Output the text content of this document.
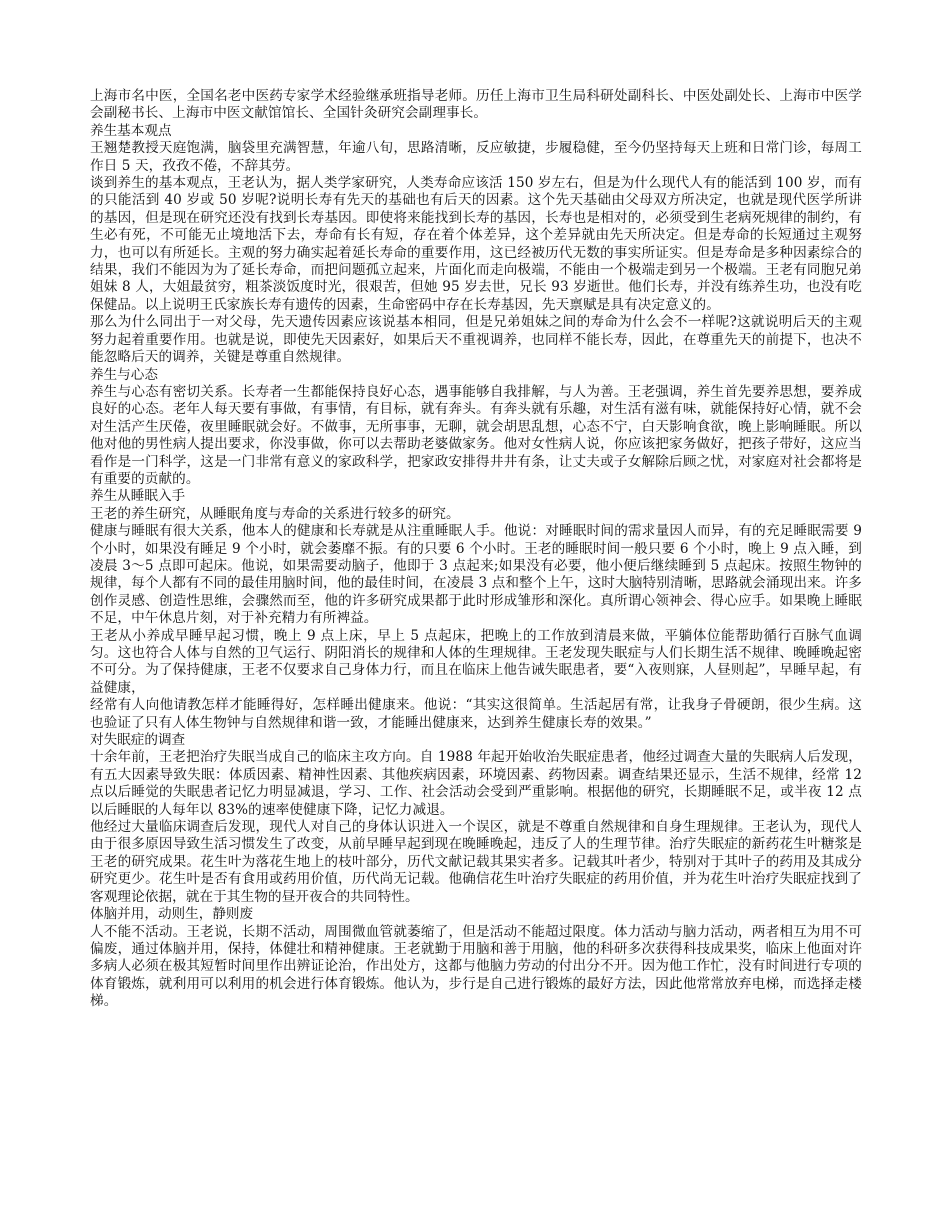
上海市名中医，全国名老中医药专家学术经验继承班指导老师。历任上海市卫生局科研处副科长、中医处副处长、上海市中医学会副秘书长、上海市中医文献馆馆长、全国针灸研究会副理事长。

养生基本观点

王翘楚教授天庭饱满，脑袋里充满智慧，年逾八旬，思路清晰，反应敏捷，步履稳健，至今仍坚持每天上班和日常门诊，每周工作日 5 天，孜孜不倦，不辞其劳。

谈到养生的基本观点，王老认为，据人类学家研究，人类寿命应该活 150 岁左右，但是为什么现代人有的能活到 100 岁，而有的只能活到 40 岁或 50 岁呢?说明长寿有先天的基础也有后天的因素。这个先天基础由父母双方所决定，也就是现代医学所讲的基因，但是现在研究还没有找到长寿基因。即使将来能找到长寿的基因，长寿也是相对的，必须受到生老病死规律的制约，有生必有死，不可能无止境地活下去，寿命有长有短，存在着个体差异，这个差异就由先天所决定。但是寿命的长短通过主观努力，也可以有所延长。主观的努力确实起着延长寿命的重要作用，这已经被历代无数的事实所证实。但是寿命是多种因素综合的结果，我们不能因为为了延长寿命，而把问题孤立起来，片面化而走向极端，不能由一个极端走到另一个极端。王老有同胞兄弟姐妹 8 人，大姐最贫穷，粗茶淡饭度时光，很艰苦，但她 95 岁去世，兄长 93 岁逝世。他们长寿，并没有练养生功，也没有吃保健品。以上说明王氏家族长寿有遗传的因素，生命密码中存在长寿基因，先天禀赋是具有决定意义的。

那么为什么同出于一对父母，先天遗传因素应该说基本相同，但是兄弟姐妹之间的寿命为什么会不一样呢?这就说明后天的主观努力起着重要作用。也就是说，即使先天因素好，如果后天不重视调养，也同样不能长寿，因此，在尊重先天的前提下，也决不能忽略后天的调养，关键是尊重自然规律。

养生与心态

养生与心态有密切关系。长寿者一生都能保持良好心态，遇事能够自我排解，与人为善。王老强调，养生首先要养思想，要养成良好的心态。老年人每天要有事做，有事情，有目标，就有奔头。有奔头就有乐趣，对生活有滋有味，就能保持好心情，就不会对生活产生厌倦，夜里睡眠就会好。不做事，无所事事，无聊，就会胡思乱想，心态不宁，白天影响食欲，晚上影响睡眠。所以他对他的男性病人提出要求，你没事做，你可以去帮助老婆做家务。他对女性病人说，你应该把家务做好，把孩子带好，这应当看作是一门科学，这是一门非常有意义的家政科学，把家政安排得井井有条，让丈夫或子女解除后顾之忧，对家庭对社会都将是有重要的贡献的。

养生从睡眠入手

王老的养生研究，从睡眠角度与寿命的关系进行较多的研究。

健康与睡眠有很大关系，他本人的健康和长寿就是从注重睡眠人手。他说：对睡眠时间的需求量因人而异，有的充足睡眠需要 9 个小时，如果没有睡足 9 个小时，就会萎靡不振。有的只要 6 个小时。王老的睡眠时间一般只要 6 个小时，晚上 9 点入睡，到凌晨 3～5 点即可起床。他说，如果需要动脑子，他即于 3 点起来;如果没有必要，他小便后继续睡到 5 点起床。按照生物钟的规律，每个人都有不同的最佳用脑时间，他的最佳时间，在凌晨 3 点和整个上午，这时大脑特别清晰，思路就会涌现出来。许多创作灵感、创造性思维，会骤然而至，他的许多研究成果都于此时形成雏形和深化。真所谓心领神会、得心应手。如果晚上睡眠不足，中午休息片刻，对于补充精力有所裨益。

王老从小养成早睡早起习惯，晚上 9 点上床，早上 5 点起床，把晚上的工作放到清晨来做，平躺体位能帮助循行百脉气血调匀。这也符合人体与自然的卫气运行、阴阳消长的规律和人体的生理规律。王老发现失眠症与人们长期生活不规律、晚睡晚起密不可分。为了保持健康，王老不仅要求自己身体力行，而且在临床上他告诫失眠患者，要“入夜则寐，人昼则起”，早睡早起，有益健康，

经常有人向他请教怎样才能睡得好，怎样睡出健康来。他说：“其实这很简单。生活起居有常，让我身子骨硬朗，很少生病。这也验证了只有人体生物钟与自然规律和谐一致，才能睡出健康来，达到养生健康长寿的效果。”

对失眠症的调查

十余年前，王老把治疗失眠当成自己的临床主攻方向。自 1988 年起开始收治失眠症患者，他经过调查大量的失眠病人后发现，有五大因素导致失眠：体质因素、精神性因素、其他疾病因素，环境因素、药物因素。调查结果还显示，生活不规律，经常 12 点以后睡觉的失眠患者记忆力明显减退，学习、工作、社会活动会受到严重影响。根据他的研究，长期睡眠不足，或半夜 12 点以后睡眠的人每年以 83%的速率使健康下降，记忆力减退。

他经过大量临床调查后发现，现代人对自己的身体认识进入一个误区，就是不尊重自然规律和自身生理规律。王老认为，现代人由于很多原因导致生活习惯发生了改变，从前早睡早起到现在晚睡晚起，违反了人的生理节律。治疗失眠症的新药花生叶糖浆是王老的研究成果。花生叶为落花生地上的枝叶部分，历代文献记载其果实者多。记载其叶者少，特别对于其叶子的药用及其成分研究更少。花生叶是否有食用或药用价值，历代尚无记载。他确信花生叶治疗失眠症的药用价值，并为花生叶治疗失眠症找到了客观理论依据，就在于其生物的昼开夜合的共同特性。

体脑并用，动则生，静则废

人不能不活动。王老说，长期不活动，周围微血管就萎缩了，但是活动不能超过限度。体力活动与脑力活动，两者相互为用不可偏废，通过体脑并用，保持，体健壮和精神健康。王老就勤于用脑和善于用脑，他的科研多次获得科技成果奖，临床上他面对许多病人必须在极其短暂时间里作出辨证论治，作出处方，这都与他脑力劳动的付出分不开。因为他工作忙，没有时间进行专项的体育锻炼，就利用可以利用的机会进行体育锻炼。他认为，步行是自己进行锻炼的最好方法，因此他常常放弃电梯，而选择走楼梯。
